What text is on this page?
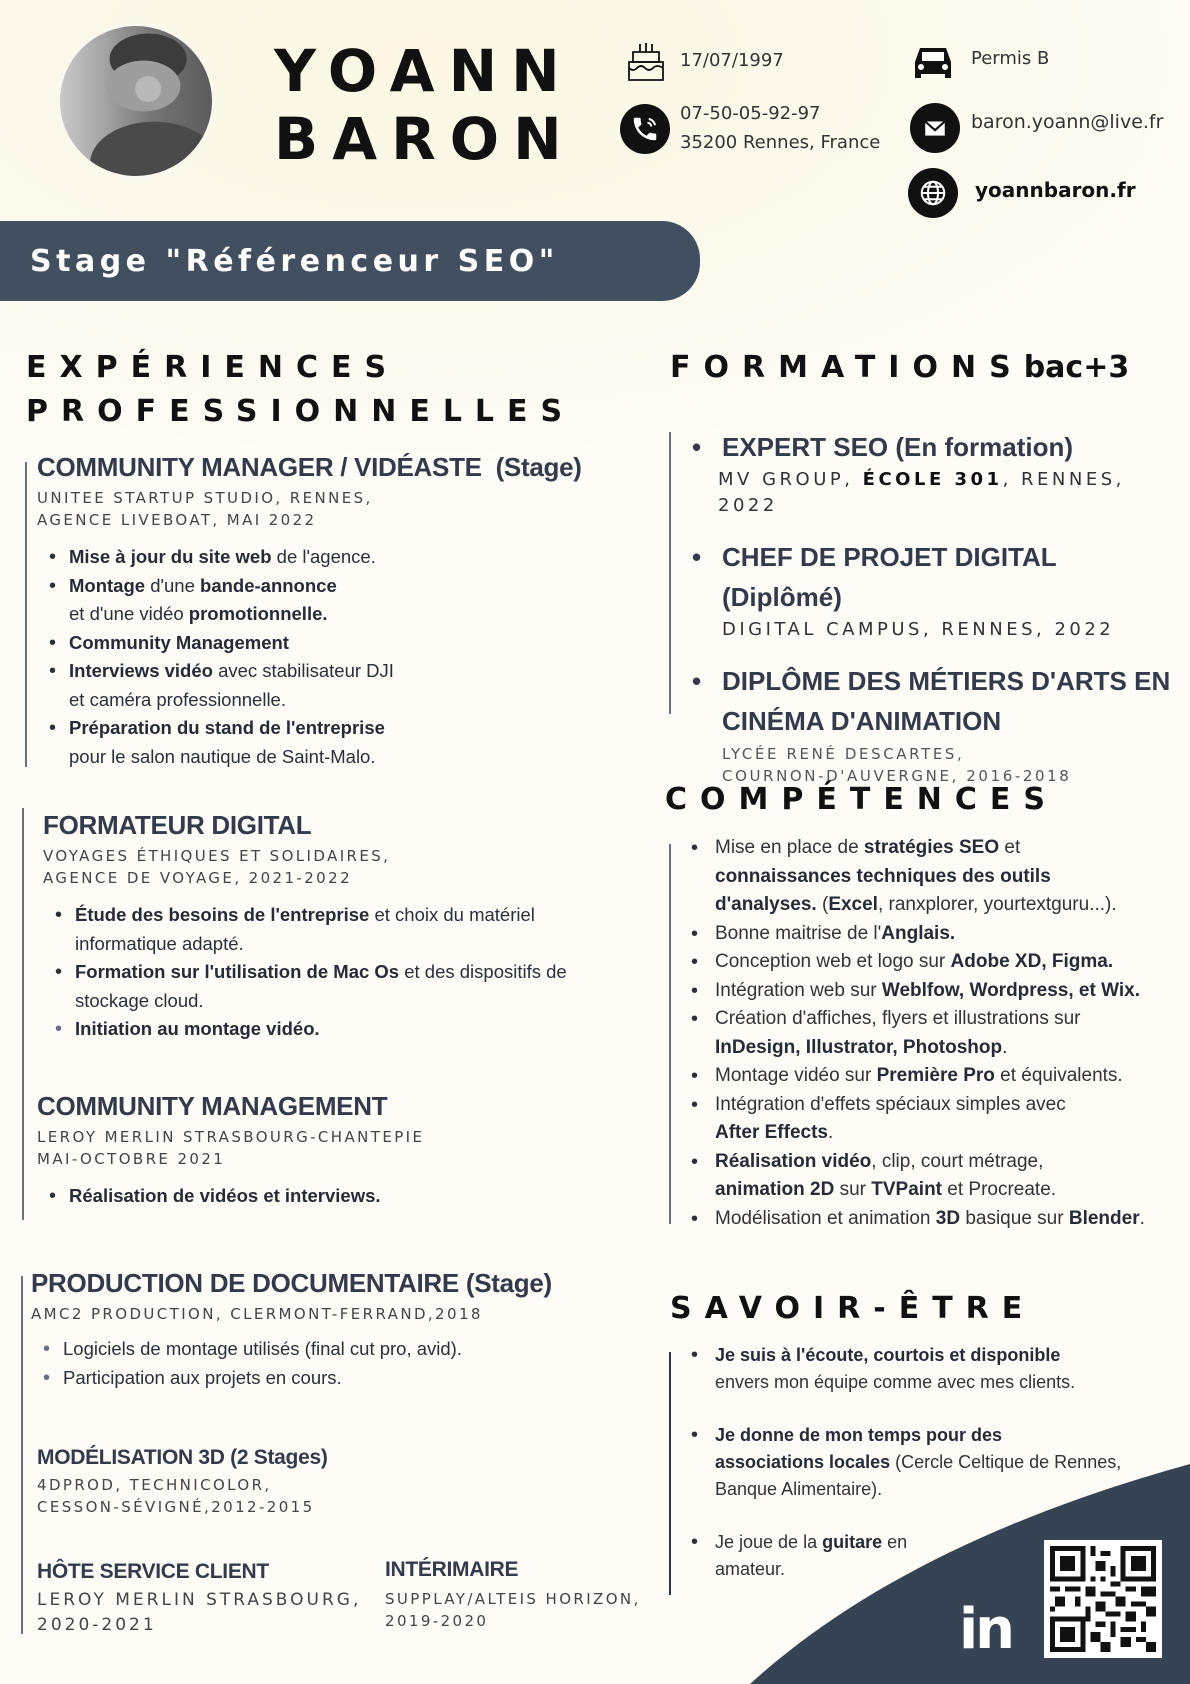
YOANN
BARON
17/07/1997
07-50-05-92-97
35200 Rennes, France
Permis B
baron.yoann@live.fr
yoannbaron.fr
Stage "Référenceur SEO"
EXPÉRIENCES
PROFESSIONNELLES
COMMUNITY MANAGER / VIDÉASTE (Stage)
UNITEE STARTUP STUDIO, RENNES,
AGENCE LIVEBOAT, MAI 2022
• Mise à jour du site web de l'agence.
• Montage d'une bande-annonce
et d'une vidéo promotionnelle.
• Community Management
• Interviews vidéo avec stabilisateur DJI
et caméra professionnelle.
• Préparation du stand de l'entreprise
pour le salon nautique de Saint-Malo.
FORMATEUR DIGITAL
VOYAGES ÉTHIQUES ET SOLIDAIRES,
AGENCE DE VOYAGE, 2021-2022
• Étude des besoins de l'entreprise et choix du matériel
informatique adapté.
• Formation sur l'utilisation de Mac Os et des dispositifs de
stockage cloud.
• Initiation au montage vidéo.
COMMUNITY MANAGEMENT
LEROY MERLIN STRASBOURG-CHANTEPIE
MAI-OCTOBRE 2021
• Réalisation de vidéos et interviews.
PRODUCTION DE DOCUMENTAIRE (Stage)
AMC2 PRODUCTION, CLERMONT-FERRAND,2018
• Logiciels de montage utilisés (final cut pro, avid).
• Participation aux projets en cours.
MODÉLISATION 3D (2 Stages)
4DPROD, TECHNICOLOR,
CESSON-SÉVIGNÉ,2012-2015
HÔTE SERVICE CLIENT
LEROY MERLIN STRASBOURG,
2020-2021
INTÉRIMAIRE
SUPPLAY/ALTEIS HORIZON,
2019-2020
FORMATIONSbac+3
• EXPERT SEO (En formation)
MV GROUP, ÉCOLE 301, RENNES, 2022
• CHEF DE PROJET DIGITAL (Diplômé)
DIGITAL CAMPUS, RENNES, 2022
• DIPLÔME DES MÉTIERS D'ARTS EN
CINÉMA D'ANIMATION
LYCÉE RENÉ DESCARTES,
COURNON-D'AUVERGNE, 2016-2018
COMPÉTENCES
• Mise en place de stratégies SEO et
connaissances techniques des outils
d'analyses. (Excel, ranxplorer, yourtextguru...).
• Bonne maitrise de l'Anglais.
• Conception web et logo sur Adobe XD, Figma.
• Intégration web sur Weblfow, Wordpress, et Wix.
• Création d'affiches, flyers et illustrations sur
InDesign, Illustrator, Photoshop.
• Montage vidéo sur Première Pro et équivalents.
• Intégration d'effets spéciaux simples avec
After Effects.
• Réalisation vidéo, clip, court métrage,
animation 2D sur TVPaint et Procreate.
• Modélisation et animation 3D basique sur Blender.
SAVOIR-ÊTRE
• Je suis à l'écoute, courtois et disponible
envers mon équipe comme avec mes clients.
• Je donne de mon temps pour des
associations locales (Cercle Celtique de Rennes,
Banque Alimentaire).
• Je joue de la guitare en
amateur.
in
